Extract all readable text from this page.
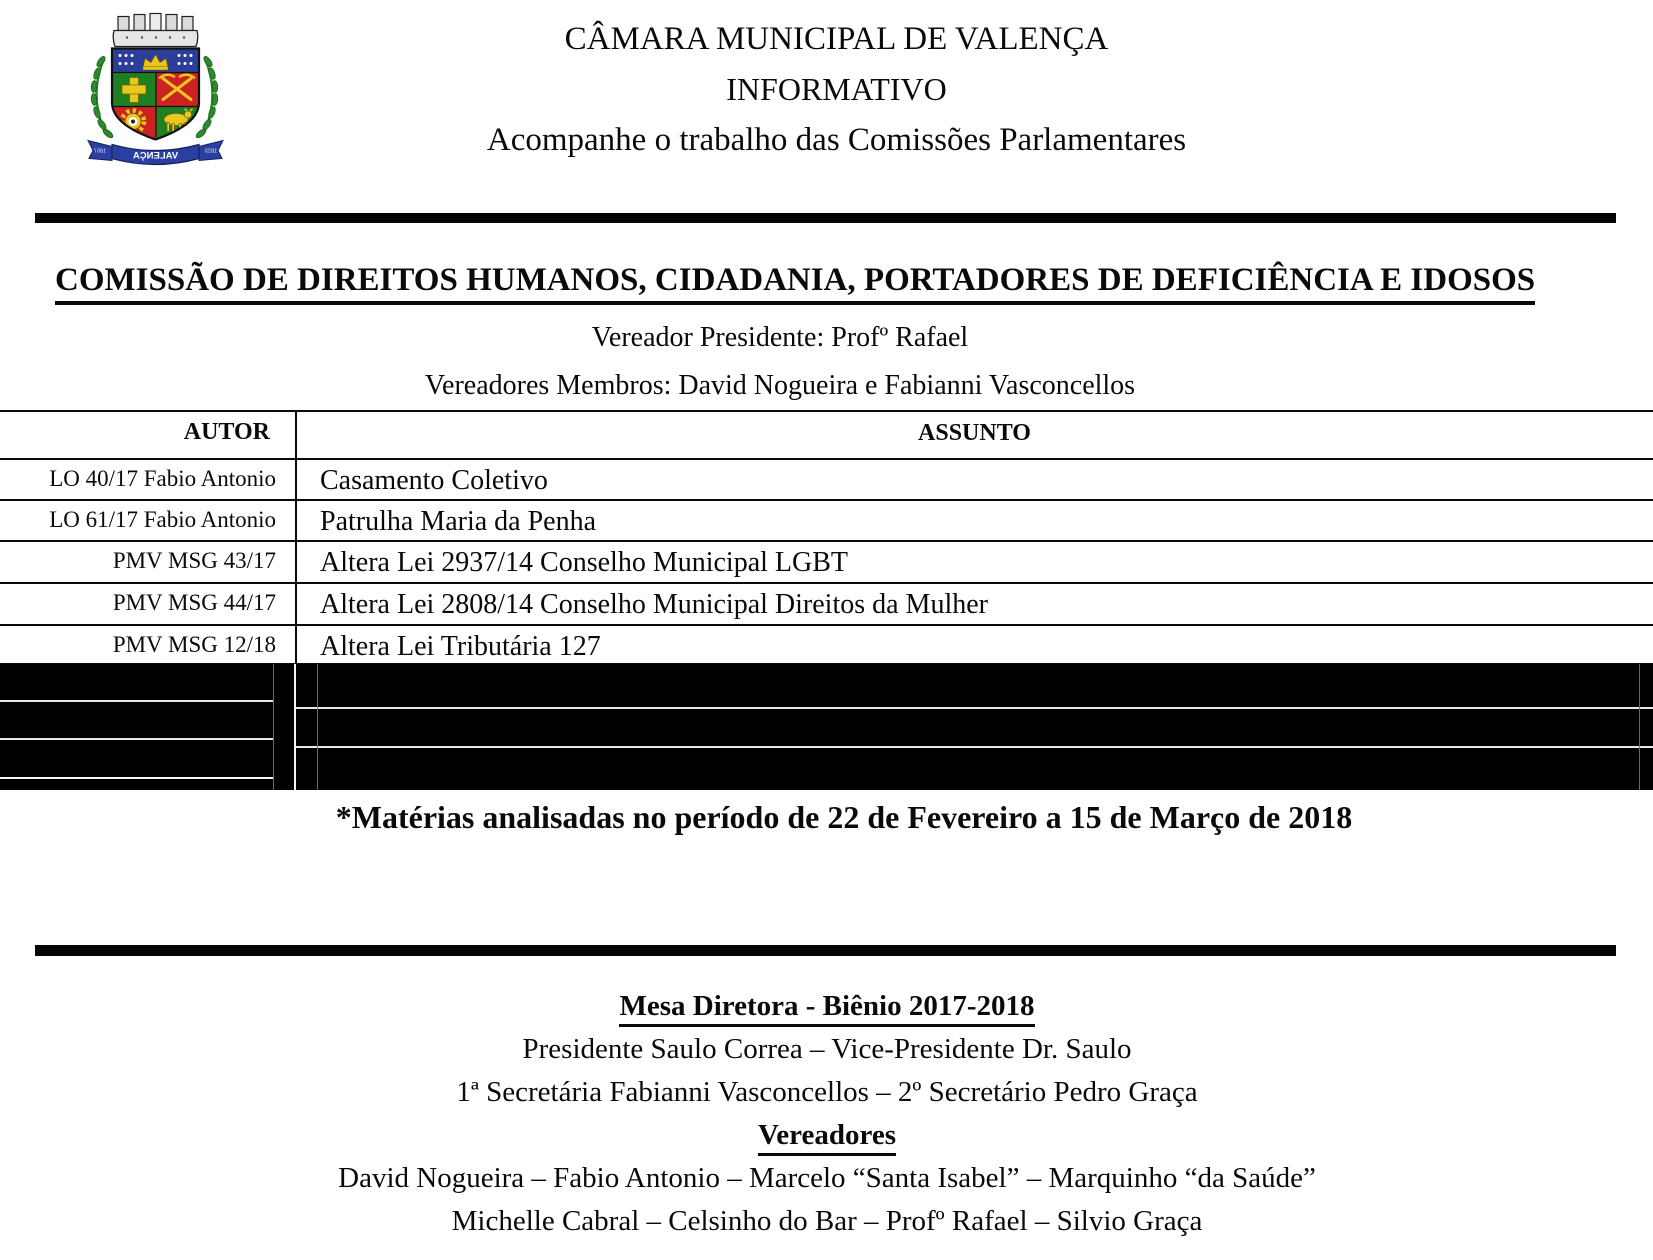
VALENÇA
1857	1823
CÂMARA MUNICIPAL DE VALENÇA
INFORMATIVO
Acompanhe o trabalho das Comissões Parlamentares
COMISSÃO DE DIREITOS HUMANOS, CIDADANIA, PORTADORES DE DEFICIÊNCIA E IDOSOS
Vereador Presidente: Profº Rafael
Vereadores Membros: David Nogueira e Fabianni Vasconcellos
AUTOR	ASSUNTO
LO 40/17 Fabio Antonio Casamento Coletivo
LO 61/17 Fabio Antonio Patrulha Maria da Penha
PMV MSG 43/17 Altera Lei 2937/14 Conselho Municipal LGBT
PMV MSG 44/17 Altera Lei 2808/14 Conselho Municipal Direitos da Mulher
PMV MSG 12/18 Altera Lei Tributária 127
*Matérias analisadas no período de 22 de Fevereiro a 15 de Março de 2018
Mesa Diretora - Biênio 2017-2018
Presidente Saulo Correa – Vice-Presidente Dr. Saulo
1ª Secretária Fabianni Vasconcellos – 2º Secretário Pedro Graça
Vereadores
David Nogueira – Fabio Antonio – Marcelo “Santa Isabel” – Marquinho “da Saúde”
Michelle Cabral – Celsinho do Bar – Profº Rafael – Silvio Graça
